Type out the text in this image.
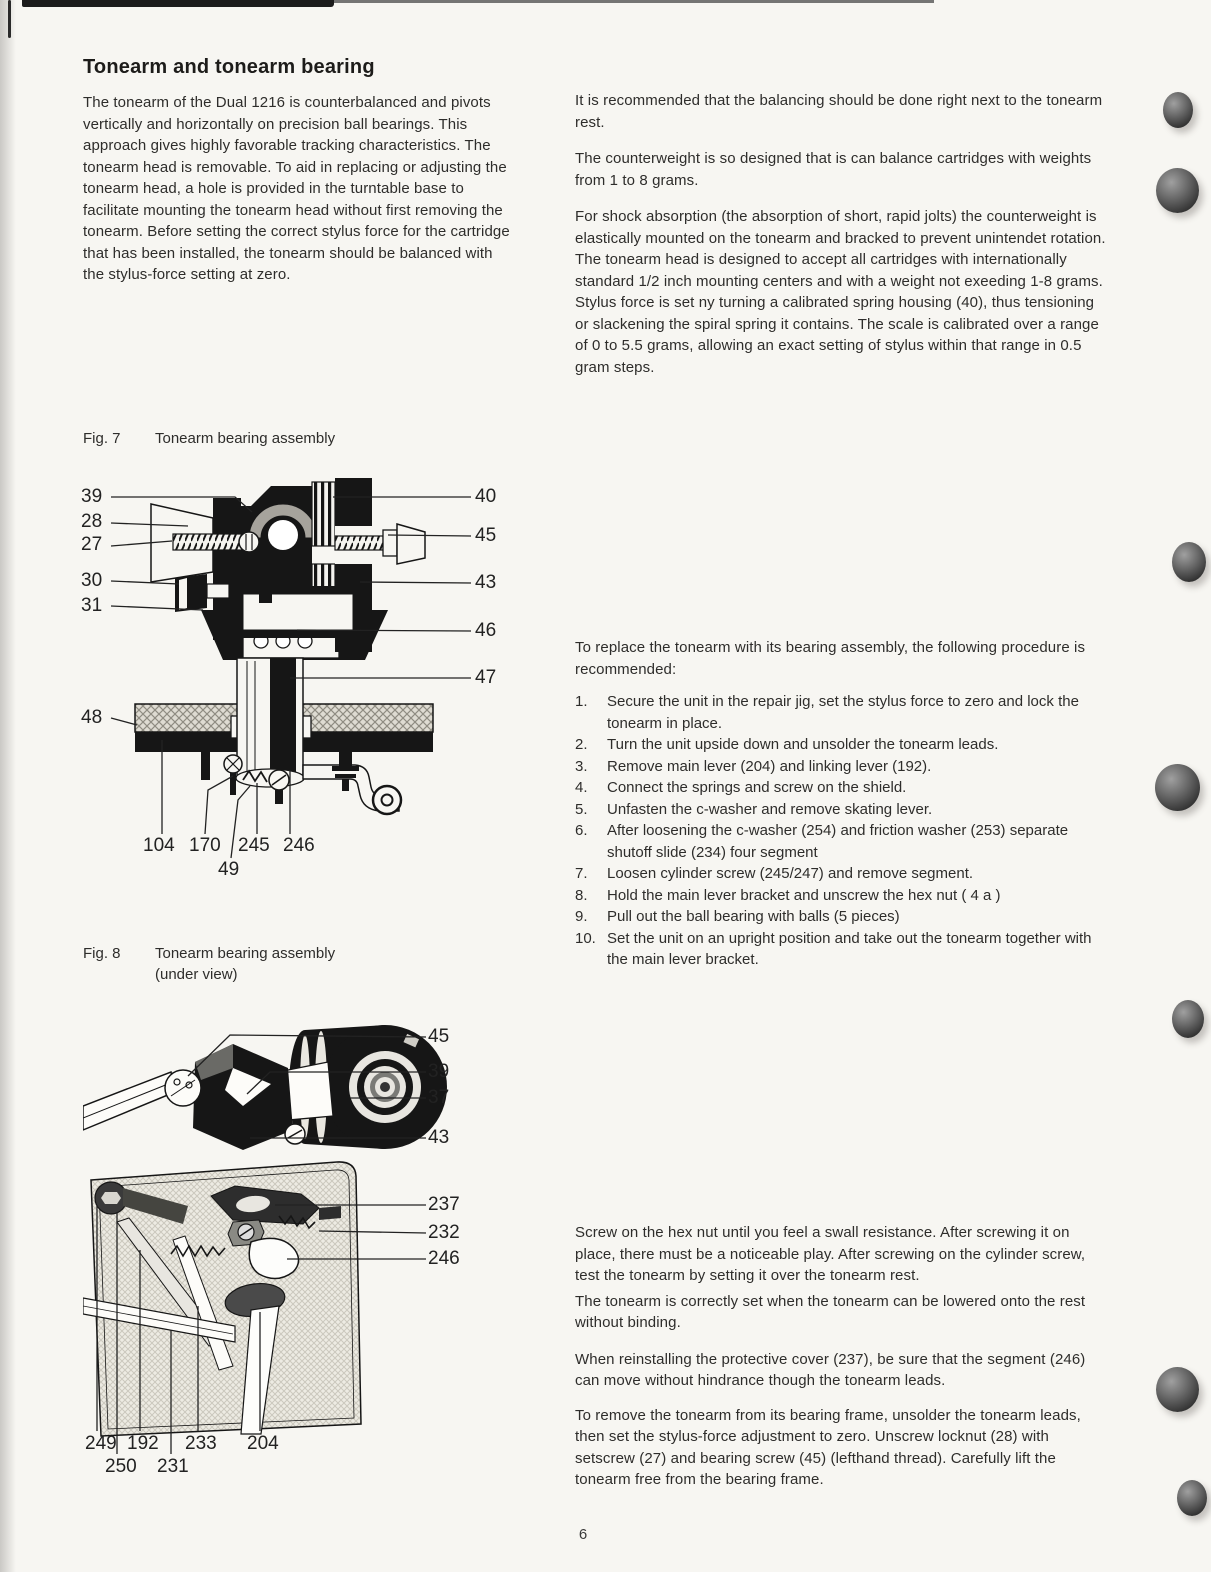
Tonearm and tonearm bearing

The tonearm of the Dual 1216 is counterbalanced and pivots vertically and horizontally on precision ball bearings. This approach gives highly favorable tracking characteristics. The tonearm head is removable. To aid in replacing or adjusting the tonearm head, a hole is provided in the turntable base to facilitate mounting the tonearm head without first removing the tonearm. Before setting the correct stylus force for the cartridge that has been installed, the tonearm should be balanced with the stylus-force setting at zero.

Fig. 7	Tonearm bearing assembly
39
28
27
30
31
48
40
45
43
46
47
104 170 245 246
49
Fig. 8	Tonearm bearing assembly
(under view)
45
39
37
43
237
232
246
249 192 233 204
250 231

It is recommended that the balancing should be done right next to the tonearm rest.

The counterweight is so designed that is can balance cartridges with weights from 1 to 8 grams.

For shock absorption (the absorption of short, rapid jolts) the counterweight is elastically mounted on the tonearm and bracked to prevent unintendet rotation. The tonearm head is designed to accept all cartridges with internationally standard 1/2 inch mounting centers and with a weight not exeeding 1-8 grams. Stylus force is set ny turning a calibrated spring housing (40), thus tensioning or slackening the spiral spring it contains. The scale is calibrated over a range of 0 to 5.5 grams, allowing an exact setting of stylus within that range in 0.5 gram steps.

To replace the tonearm with its bearing assembly, the following procedure is recommended:

1.	Secure the unit in the repair jig, set the stylus force to zero and lock the tonearm in place.
2.	Turn the unit upside down and unsolder the tonearm leads.
3.	Remove main lever (204) and linking lever (192).
4.	Connect the springs and screw on the shield.
5.	Unfasten the c-washer and remove skating lever.
6.	After loosening the c-washer (254) and friction washer (253) separate shutoff slide (234) four segment
7.	Loosen cylinder screw (245/247) and remove segment.
8.	Hold the main lever bracket and unscrew the hex nut ( 4 a )
9.	Pull out the ball bearing with balls (5 pieces)
10. Set the unit on an upright position and take out the tonearm together with the main lever bracket.

Screw on the hex nut until you feel a swall resistance. After screwing it on place, there must be a noticeable play. After screwing on the cylinder screw, test the tonearm by setting it over the tonearm rest.

The tonearm is correctly set when the tonearm can be lowered onto the rest without binding.

When reinstalling the protective cover (237), be sure that the segment (246) can move without hindrance though the tonearm leads.

To remove the tonearm from its bearing frame, unsolder the tonearm leads, then set the stylus-force adjustment to zero. Unscrew locknut (28) with setscrew (27) and bearing screw (45) (lefthand thread). Carefully lift the tonearm free from the bearing frame.

6
